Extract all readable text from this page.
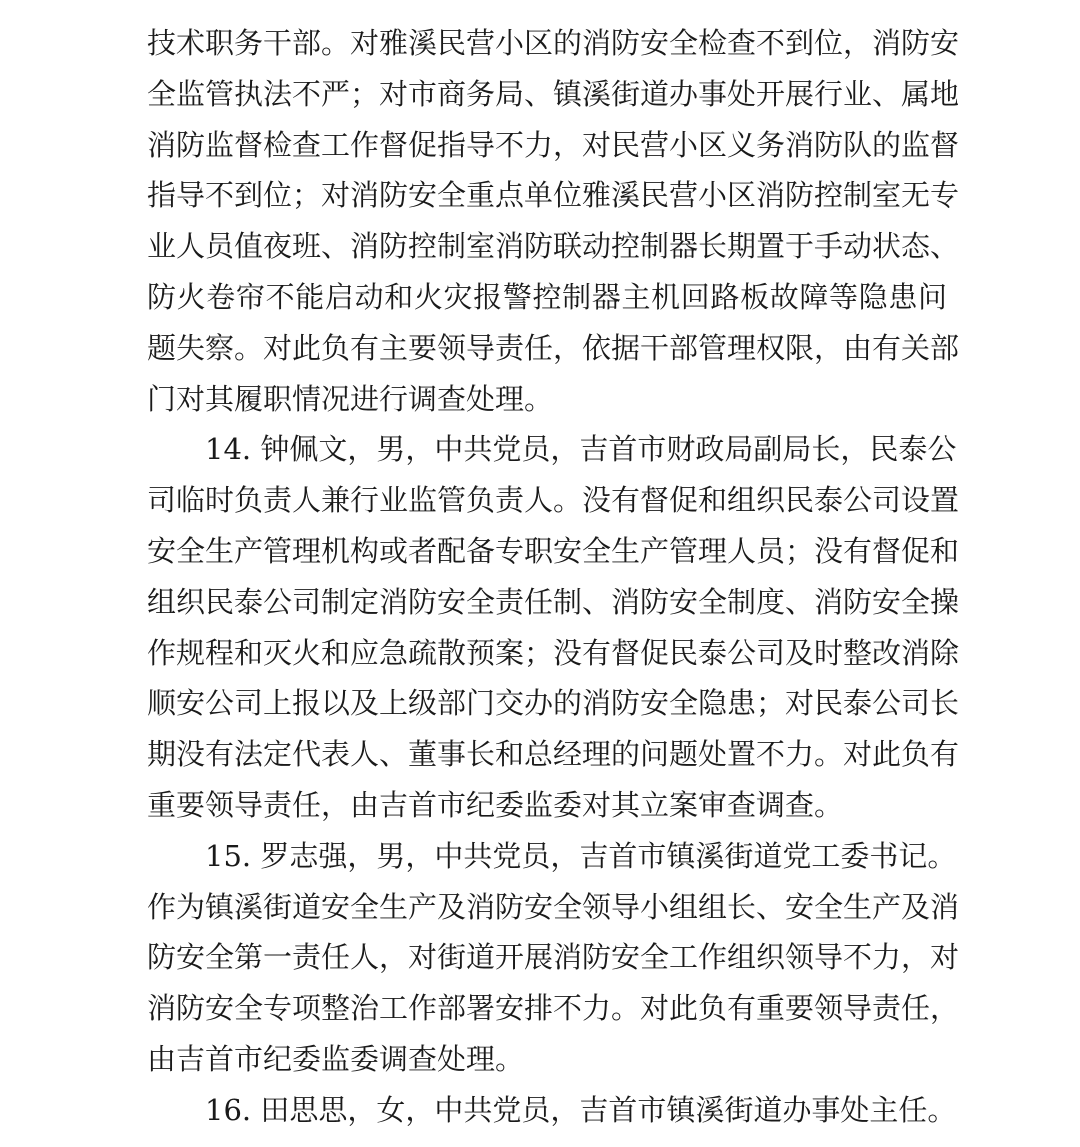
技术职务干部。对雅溪民营小区的消防安全检查不到位，消防安
全监管执法不严；对市商务局、镇溪街道办事处开展行业、属地
消防监督检查工作督促指导不力，对民营小区义务消防队的监督
指导不到位；对消防安全重点单位雅溪民营小区消防控制室无专
业人员值夜班、消防控制室消防联动控制器长期置于手动状态、
防火卷帘不能启动和火灾报警控制器主机回路板故障等隐患问
题失察。对此负有主要领导责任，依据干部管理权限，由有关部
门对其履职情况进行调查处理。
14. 钟佩文，男，中共党员，吉首市财政局副局长，民泰公
司临时负责人兼行业监管负责人。没有督促和组织民泰公司设置
安全生产管理机构或者配备专职安全生产管理人员；没有督促和
组织民泰公司制定消防安全责任制、消防安全制度、消防安全操
作规程和灭火和应急疏散预案；没有督促民泰公司及时整改消除
顺安公司上报以及上级部门交办的消防安全隐患；对民泰公司长
期没有法定代表人、董事长和总经理的问题处置不力。对此负有
重要领导责任，由吉首市纪委监委对其立案审查调查。
15. 罗志强，男，中共党员，吉首市镇溪街道党工委书记。
作为镇溪街道安全生产及消防安全领导小组组长、安全生产及消
防安全第一责任人，对街道开展消防安全工作组织领导不力，对
消防安全专项整治工作部署安排不力。对此负有重要领导责任，
由吉首市纪委监委调查处理。
16. 田思思，女，中共党员，吉首市镇溪街道办事处主任。
